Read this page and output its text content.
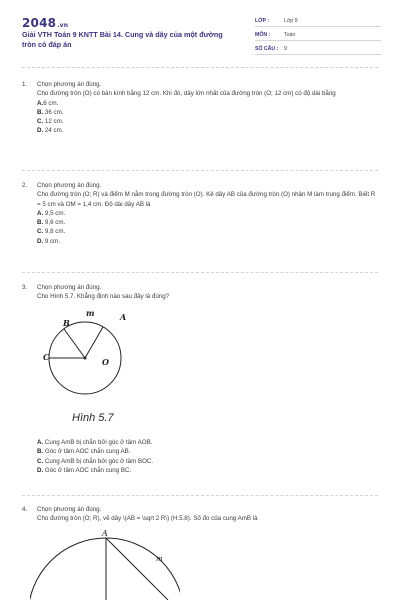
2048.vn
Giải VTH Toán 9 KNTT Bài 14. Cung và dây của một đường tròn có đáp án
LỚP :	Lớp 9
MÔN :	Toán
SỐ CÂU : 9
1. Chọn phương án đúng.
Cho đường tròn (O) có bán kính bằng 12 cm. Khi đó, dây lớn nhất của đường tròn (O; 12 cm) có độ dài bằng
A.6 cm.
B. 36 cm.
C. 12 cm.
D. 24 cm.
2. Chọn phương án đúng.
Cho đường tròn (O; R) và điểm M nằm trong đường tròn (O). Kẻ dây AB của đường tròn (O) nhận M làm trung điểm. Biết R = 5 cm và OM = 1,4 cm. Độ dài dây AB là
A. 9,5 cm.
B. 9,6 cm.
C. 9,8 cm.
D. 9 cm.
3. Chọn phương án đúng.
Cho Hình 5.7. Khẳng định nào sau đây là đúng?
m	A
B
C	O
Hình 5.7
A. Cung AmB bị chắn bởi góc ở tâm AOB.
B. Góc ở tâm AOC chắn cung AB.
C. Cung AmB bị chắn bởi góc ở tâm BOC.
D. Góc ở tâm AOC chắn cung BC.
4. Chọn phương án đúng.
Cho đường tròn (O; R), vẽ dây \(AB = \sqrt 2 R\) (H.5.8). Số đo của cung AmB là
A
m
